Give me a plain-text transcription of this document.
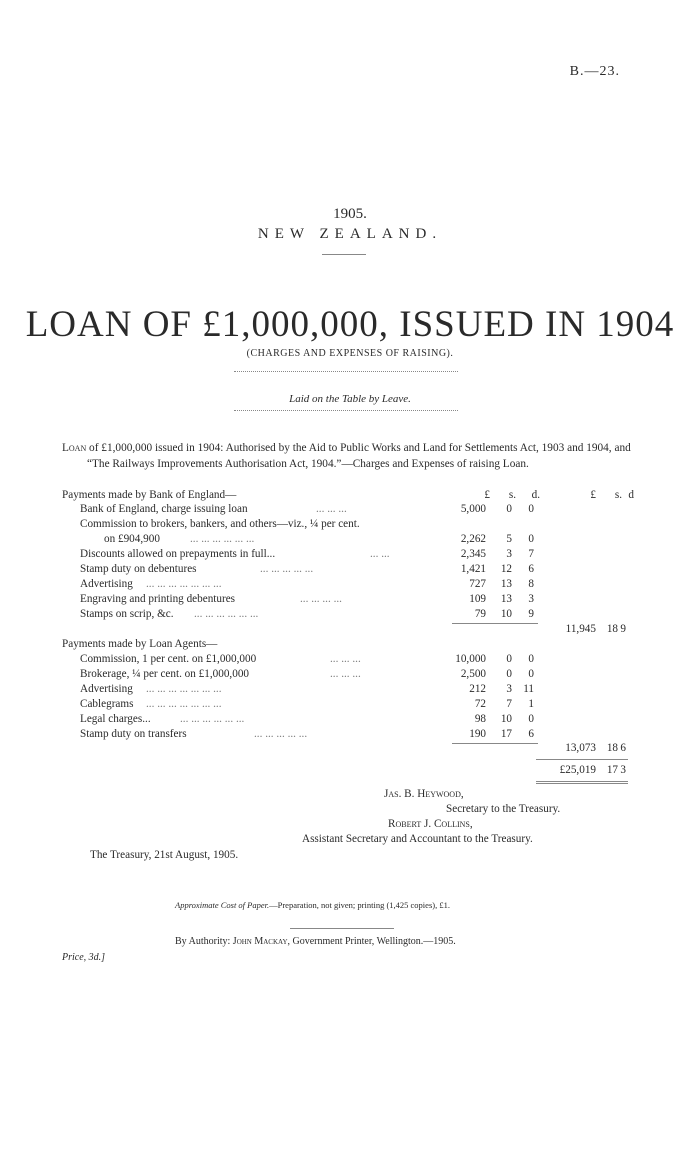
B.—23.
1905.
NEW ZEALAND.
LOAN OF £1,000,000, ISSUED IN 1904
(CHARGES AND EXPENSES OF RAISING).
Laid on the Table by Leave.
Loan of £1,000,000 issued in 1904: Authorised by the Aid to Public Works and Land for Settlements Act, 1903 and 1904, and “The Railways Improvements Authorisation Act, 1904.”—Charges and Expenses of raising Loan.
£	s.	d.	£	s. d
Payments made by Bank of England—
Bank of England, charge issuing loan	... ... ...	5,000	0	0
Commission to brokers, bankers, and others—viz., ¼ per cent.
on £904,900	... ... ... ... ... ...	2,262	5	0
Discounts allowed on prepayments in full...	... ...	2,345	3	7
Stamp duty on debentures	... ... ... ... ...	1,421	12	6
Advertising ... ... ... ... ... ... ...	727	13	8
Engraving and printing debentures	... ... ... ...	109	13	3
Stamps on scrip, &c. ... ... ... ... ... ...	79	10	9
11,945 18 9
Payments made by Loan Agents—
Commission, 1 per cent. on £1,000,000	... ... ...	10,000	0	0
Brokerage, ¼ per cent. on £1,000,000	... ... ...	2,500	0	0
Advertising ... ... ... ... ... ... ...	212	3 11
Cablegrams ... ... ... ... ... ... ...	72	7	1
Legal charges...	... ... ... ... ... ...	98	10	0
Stamp duty on transfers	... ... ... ... ...	190	17	6
13,073 18 6
£25,019 17 3
Jas. B. Heywood,
Secretary to the Treasury.
Robert J. Collins,
Assistant Secretary and Accountant to the Treasury.
The Treasury, 21st August, 1905.
Approximate Cost of Paper.—Preparation, not given; printing (1,425 copies), £1.
By Authority: John Mackay, Government Printer, Wellington.—1905.
Price, 3d.]
